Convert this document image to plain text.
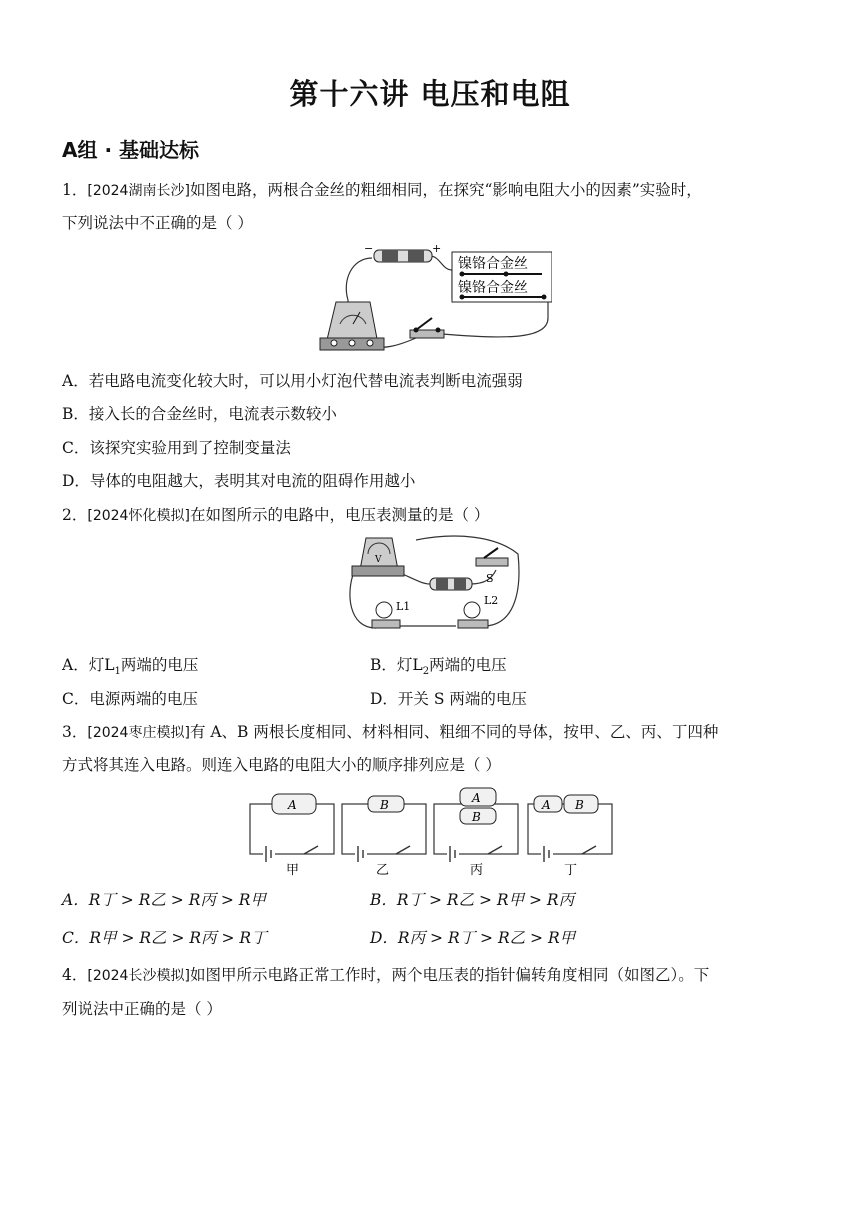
第十六讲 电压和电阻
A组 · 基础达标
1．[2024湖南长沙]如图电路，两根合金丝的粗细相同，在探究“影响电阻大小的因素”实验时，
下列说法中不正确的是（ ）
−	+
镍铬合金丝
镍铬合金丝
A．若电路电流变化较大时，可以用小灯泡代替电流表判断电流强弱
B．接入长的合金丝时，电流表示数较小
C．该探究实验用到了控制变量法
D．导体的电阻越大，表明其对电流的阻碍作用越小
2．[2024怀化模拟]在如图所示的电路中，电压表测量的是（ ）
V
S
L1	L2
A．灯$L_1$两端的电压	B．灯$L_2$两端的电压
C．电源两端的电压	D．开关 S 两端的电压
3．[2024枣庄模拟]有 A、B 两根长度相同、材料相同、粗细不同的导体，按甲、乙、丙、丁四种
方式将其连入电路。则连入电路的电阻大小的顺序排列应是（ ）
A	B	A
B
A B
甲	乙	丙	丁
A．R丁 > R乙 > R丙 > R甲	B．R丁 > R乙 > R甲 > R丙
C．R甲 > R乙 > R丙 > R丁	D．R丙 > R丁 > R乙 > R甲
4．[2024长沙模拟]如图甲所示电路正常工作时，两个电压表的指针偏转角度相同（如图乙）。下
列说法中正确的是（ ）
